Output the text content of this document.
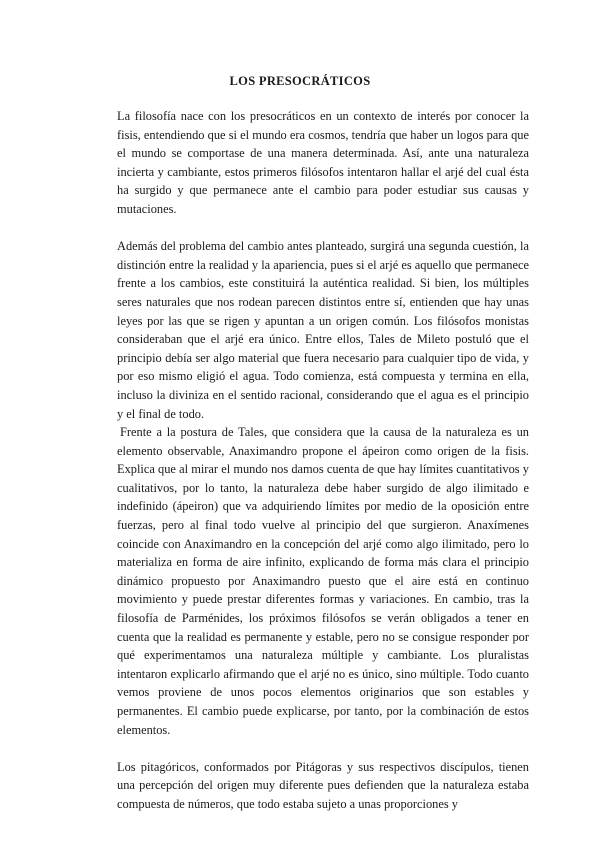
LOS PRESOCRÁTICOS

La filosofía nace con los presocráticos en un contexto de interés por conocer la fisis, entendiendo que si el mundo era cosmos, tendría que haber un logos para que el mundo se comportase de una manera determinada. Así, ante una naturaleza incierta y cambiante, estos primeros filósofos intentaron hallar el arjé del cual ésta ha surgido y que permanece ante el cambio para poder estudiar sus causas y mutaciones.

Además del problema del cambio antes planteado, surgirá una segunda cuestión, la distinción entre la realidad y la apariencia, pues si el arjé es aquello que permanece frente a los cambios, este constituirá la auténtica realidad. Si bien, los múltiples seres naturales que nos rodean parecen distintos entre sí, entienden que hay unas leyes por las que se rigen y apuntan a un origen común. Los filósofos monistas consideraban que el arjé era único. Entre ellos, Tales de Mileto postuló que el principio debía ser algo material que fuera necesario para cualquier tipo de vida, y por eso mismo eligió el agua. Todo comienza, está compuesta y termina en ella, incluso la diviniza en el sentido racional, considerando que el agua es el principio y el final de todo.

Frente a la postura de Tales, que considera que la causa de la naturaleza es un elemento observable, Anaximandro propone el ápeiron como origen de la fisis. Explica que al mirar el mundo nos damos cuenta de que hay límites cuantitativos y cualitativos, por lo tanto, la naturaleza debe haber surgido de algo ilimitado e indefinido (ápeiron) que va adquiriendo límites por medio de la oposición entre fuerzas, pero al final todo vuelve al principio del que surgieron. Anaxímenes coincide con Anaximandro en la concepción del arjé como algo ilimitado, pero lo materializa en forma de aire infinito, explicando de forma más clara el principio dinámico propuesto por Anaximandro puesto que el aire está en continuo movimiento y puede prestar diferentes formas y variaciones. En cambio, tras la filosofía de Parménides, los próximos filósofos se verán obligados a tener en cuenta que la realidad es permanente y estable, pero no se consigue responder por qué experimentamos una naturaleza múltiple y cambiante. Los pluralistas intentaron explicarlo afirmando que el arjé no es único, sino múltiple. Todo cuanto vemos proviene de unos pocos elementos originarios que son estables y permanentes. El cambio puede explicarse, por tanto, por la combinación de estos elementos.

Los pitagóricos, conformados por Pitágoras y sus respectivos discípulos, tienen una percepción del origen muy diferente pues defienden que la naturaleza estaba compuesta de números, que todo estaba sujeto a unas proporciones y
